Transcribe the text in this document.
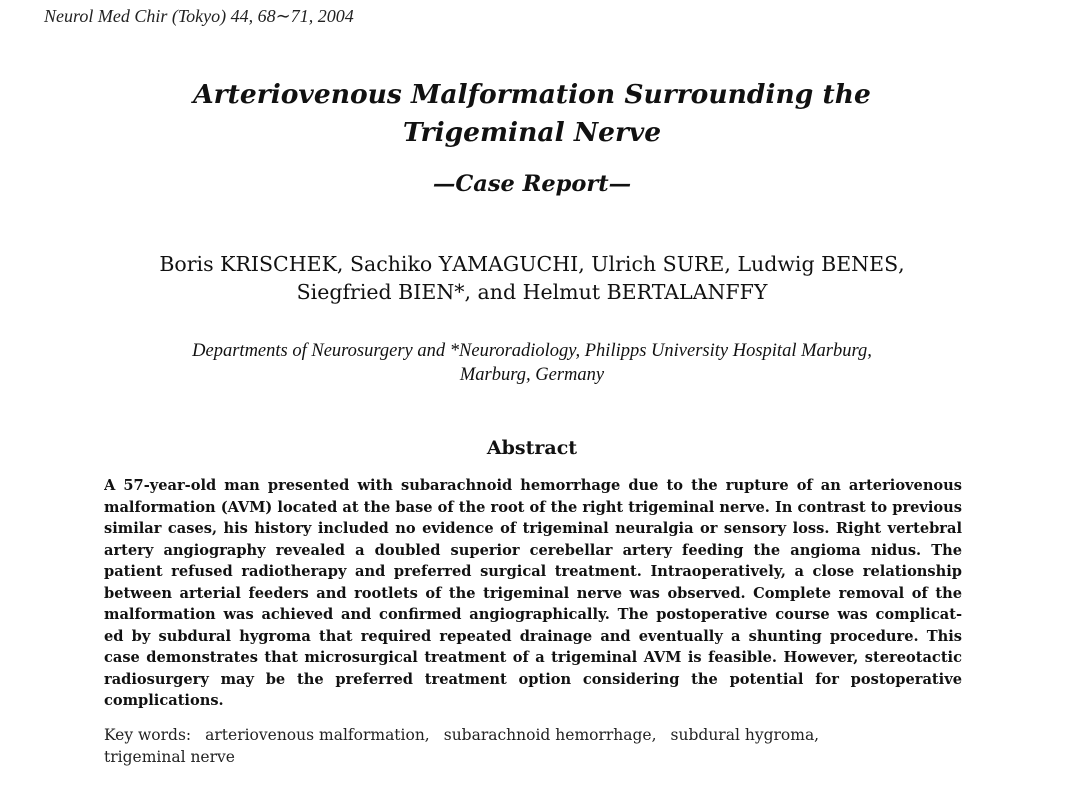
Neurol Med Chir (Tokyo) 44, 68∼71, 2004
Arteriovenous Malformation Surrounding the
Trigeminal Nerve
—Case Report—
Boris KRISCHEK, Sachiko YAMAGUCHI, Ulrich SURE, Ludwig BENES,
Siegfried BIEN*, and Helmut BERTALANFFY
Departments of Neurosurgery and *Neuroradiology, Philipps University Hospital Marburg,
Marburg, Germany
Abstract
A 57-year-old man presented with subarachnoid hemorrhage due to the rupture of an arteriovenous
malformation (AVM) located at the base of the root of the right trigeminal nerve. In contrast to previous
similar cases, his history included no evidence of trigeminal neuralgia or sensory loss. Right vertebral
artery angiography revealed a doubled superior cerebellar artery feeding the angioma nidus. The
patient refused radiotherapy and preferred surgical treatment. Intraoperatively, a close relationship
between arterial feeders and rootlets of the trigeminal nerve was observed. Complete removal of the
malformation was achieved and confirmed angiographically. The postoperative course was complicat-
ed by subdural hygroma that required repeated drainage and eventually a shunting procedure. This
case demonstrates that microsurgical treatment of a trigeminal AVM is feasible. However, stereotactic
radiosurgery may be the preferred treatment option considering the potential for postoperative
complications.
Key words: arteriovenous malformation, subarachnoid hemorrhage, subdural hygroma,
trigeminal nerve
